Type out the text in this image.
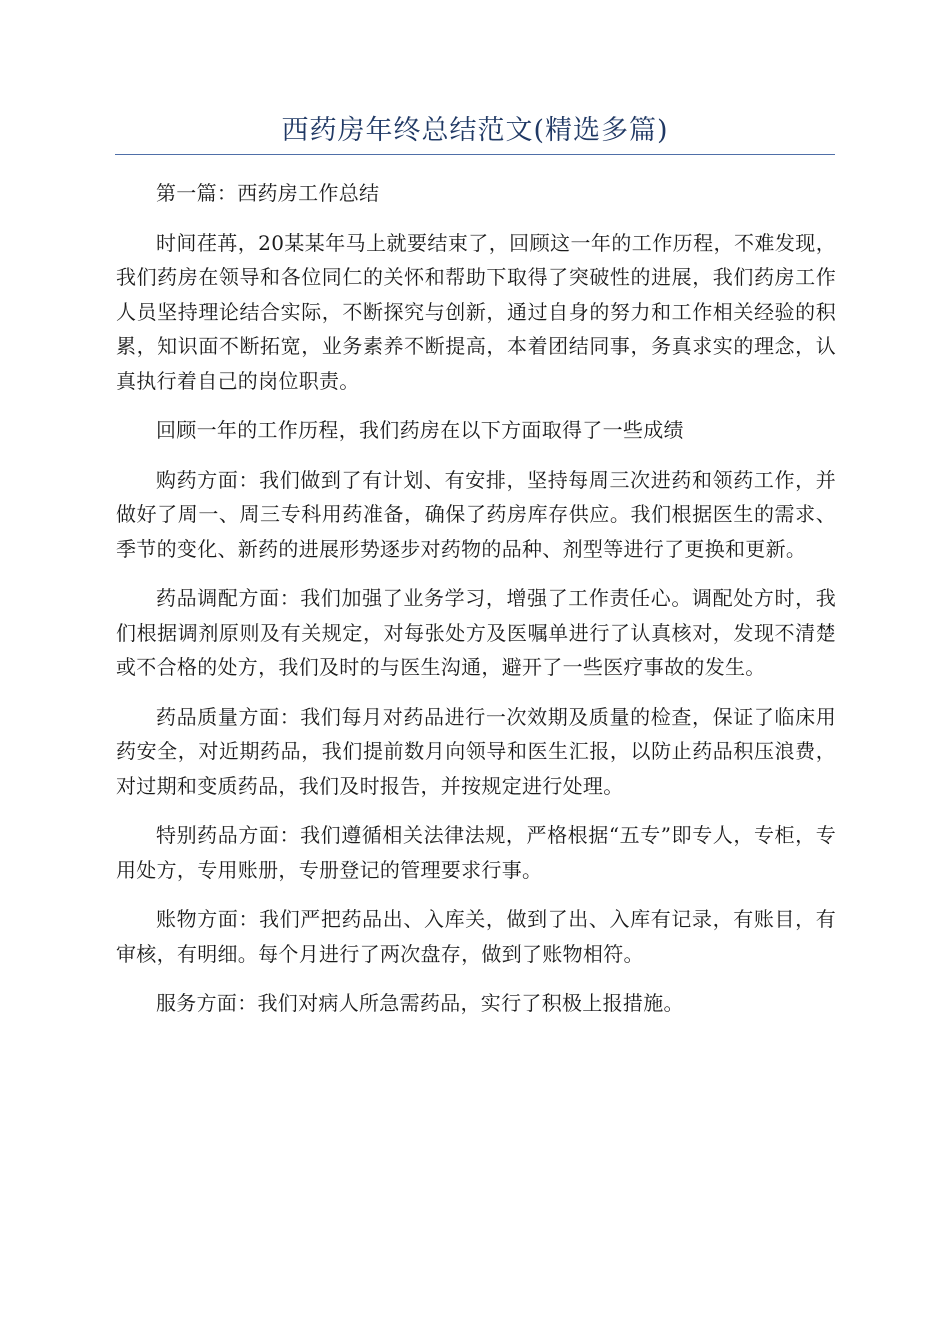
西药房年终总结范文(精选多篇)

第一篇：西药房工作总结

时间荏苒，20某某年马上就要结束了，回顾这一年的工作历程，不难发现，我们药房在领导和各位同仁的关怀和帮助下取得了突破性的进展，我们药房工作人员坚持理论结合实际，不断探究与创新，通过自身的努力和工作相关经验的积累，知识面不断拓宽，业务素养不断提高，本着团结同事，务真求实的理念，认真执行着自己的岗位职责。

回顾一年的工作历程，我们药房在以下方面取得了一些成绩

购药方面：我们做到了有计划、有安排，坚持每周三次进药和领药工作，并做好了周一、周三专科用药准备，确保了药房库存供应。我们根据医生的需求、季节的变化、新药的进展形势逐步对药物的品种、剂型等进行了更换和更新。

药品调配方面：我们加强了业务学习，增强了工作责任心。调配处方时，我们根据调剂原则及有关规定，对每张处方及医嘱单进行了认真核对，发现不清楚或不合格的处方，我们及时的与医生沟通，避开了一些医疗事故的发生。

药品质量方面：我们每月对药品进行一次效期及质量的检查，保证了临床用药安全，对近期药品，我们提前数月向领导和医生汇报，以防止药品积压浪费，对过期和变质药品，我们及时报告，并按规定进行处理。

特别药品方面：我们遵循相关法律法规，严格根据“五专”即专人，专柜，专用处方，专用账册，专册登记的管理要求行事。

账物方面：我们严把药品出、入库关，做到了出、入库有记录，有账目，有审核，有明细。每个月进行了两次盘存，做到了账物相符。

服务方面：我们对病人所急需药品，实行了积极上报措施。
